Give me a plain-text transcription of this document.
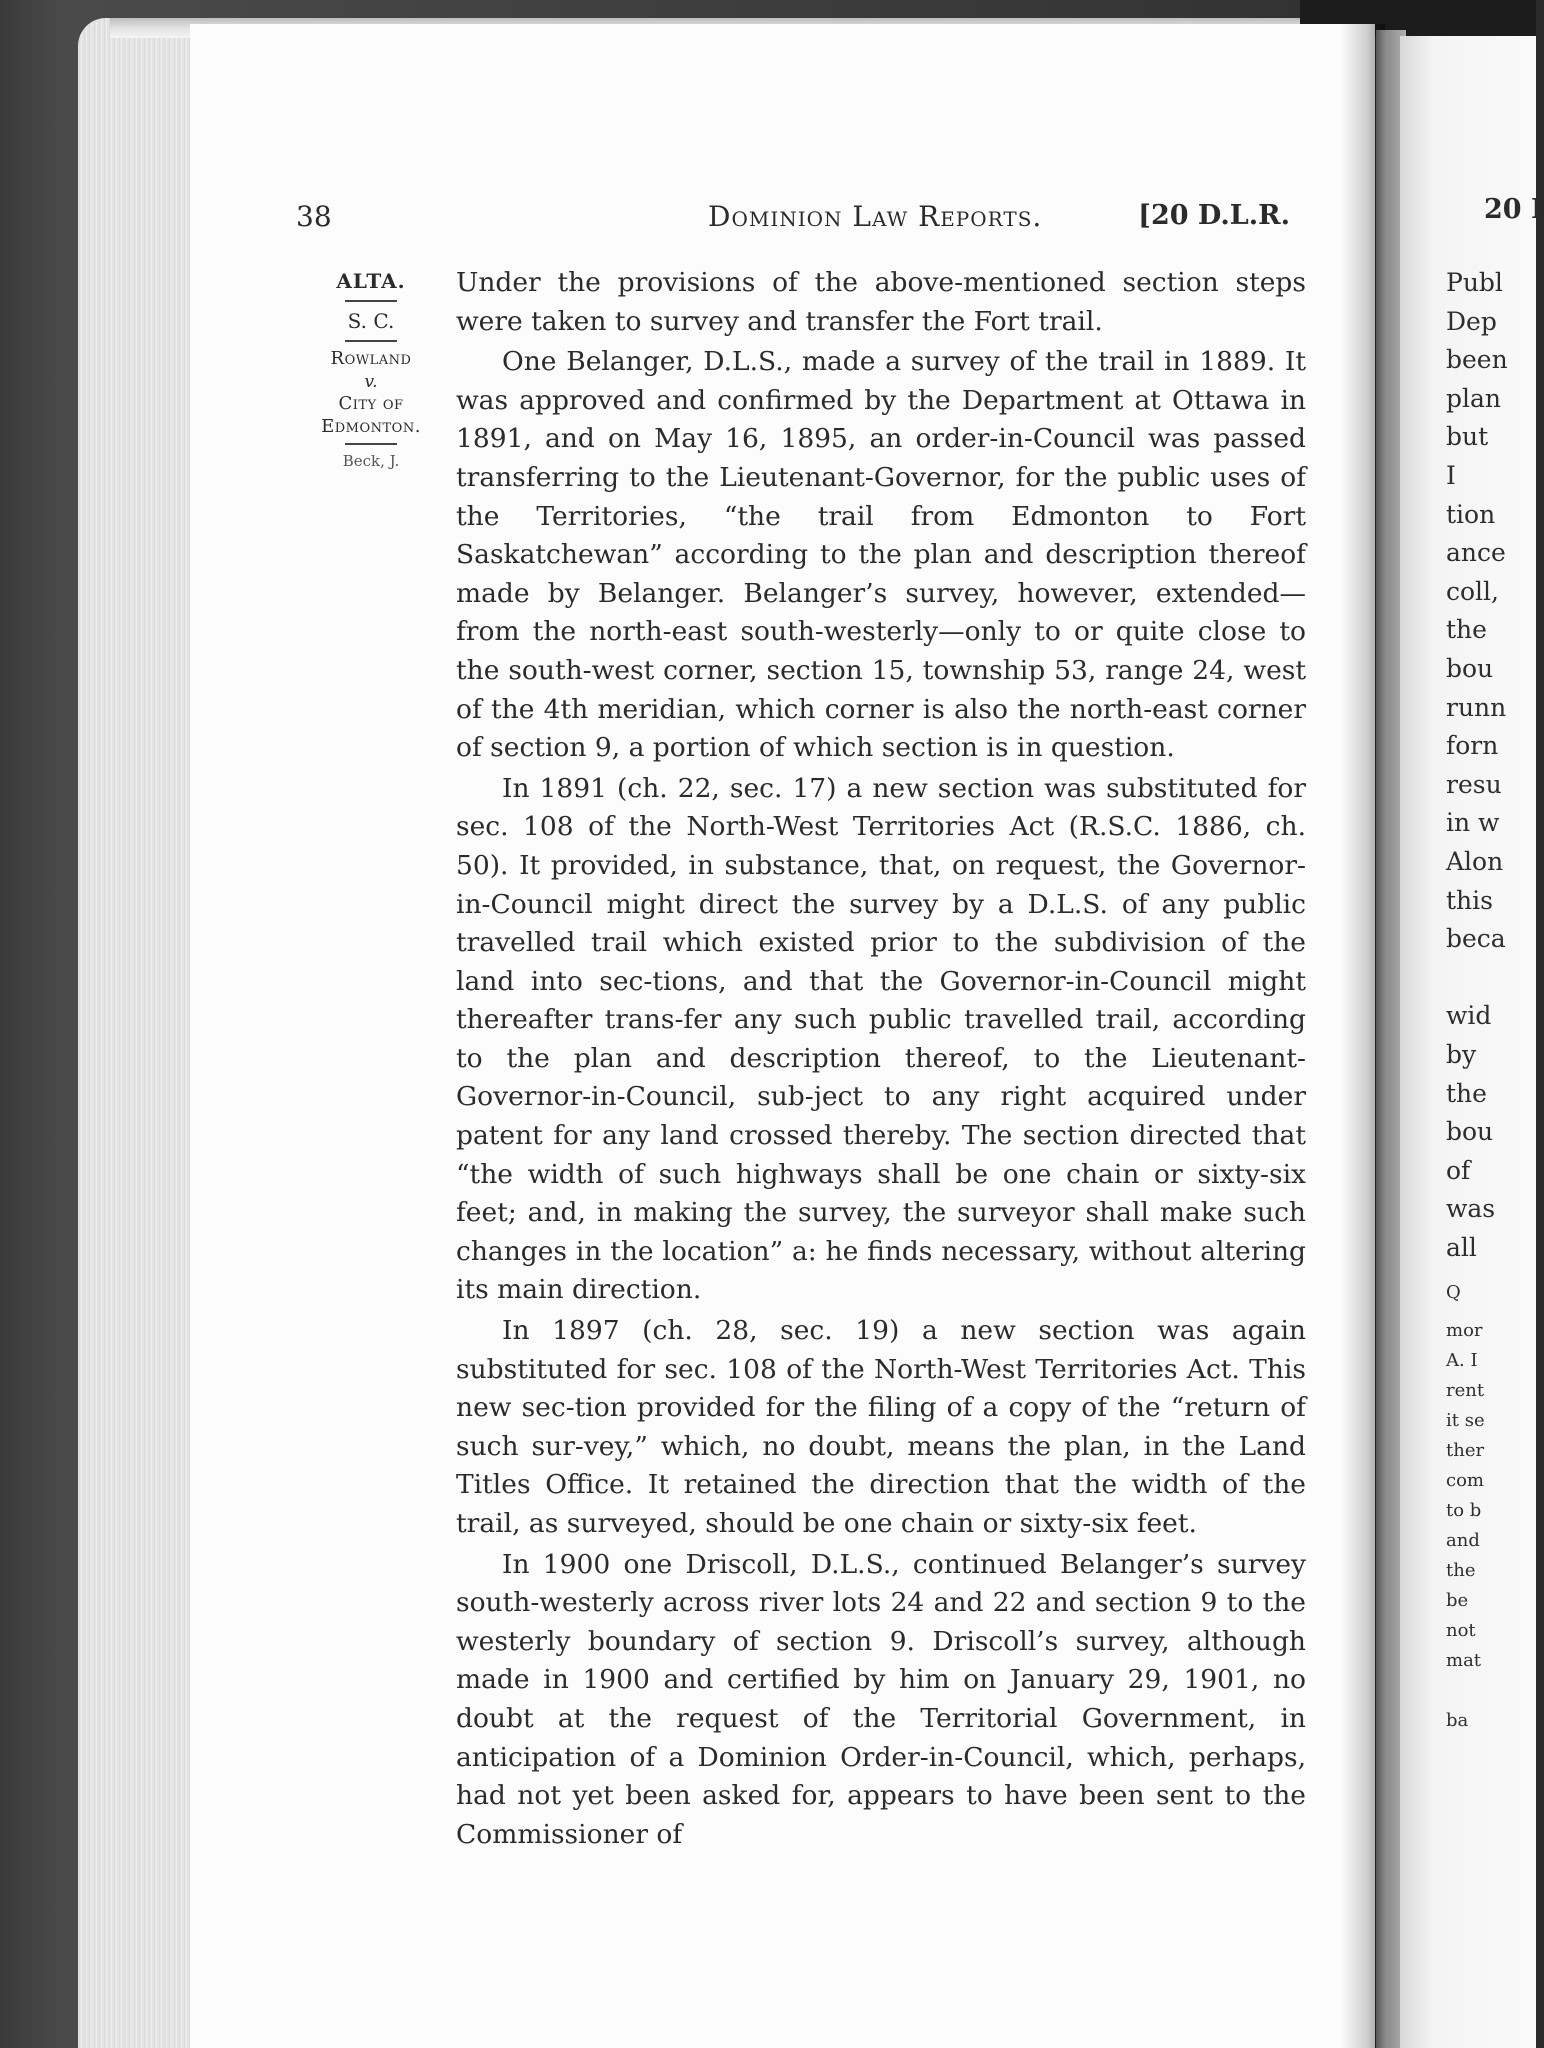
38	Dominion Law Reports.	[20 D.L.R.
ALTA.
S. C.
Rowland
v.
City of
Edmonton.
Beck, J.

Under the provisions of the above-mentioned section steps were taken to survey and transfer the Fort trail.

One Belanger, D.L.S., made a survey of the trail in 1889. It was approved and confirmed by the Department at Ottawa in 1891, and on May 16, 1895, an order-in-Council was passed transferring to the Lieutenant-Governor, for the public uses of the Territories, “the trail from Edmonton to Fort Saskatchewan” according to the plan and description thereof made by Belanger. Belanger’s survey, however, extended—from the north-east south-westerly—only to or quite close to the south-west corner, section 15, township 53, range 24, west of the 4th meridian, which corner is also the north-east corner of section 9, a portion of which section is in question.

In 1891 (ch. 22, sec. 17) a new section was substituted for sec. 108 of the North-West Territories Act (R.S.C. 1886, ch. 50). It provided, in substance, that, on request, the Governor-in-Council might direct the survey by a D.L.S. of any public travelled trail which existed prior to the subdivision of the land into sec-tions, and that the Governor-in-Council might thereafter trans-fer any such public travelled trail, according to the plan and description thereof, to the Lieutenant-Governor-in-Council, sub-ject to any right acquired under patent for any land crossed thereby. The section directed that “the width of such highways shall be one chain or sixty-six feet; and, in making the survey, the surveyor shall make such changes in the location” a: he finds necessary, without altering its main direction.

In 1897 (ch. 28, sec. 19) a new section was again substituted for sec. 108 of the North-West Territories Act. This new sec-tion provided for the filing of a copy of the “return of such sur-vey,” which, no doubt, means the plan, in the Land Titles Office. It retained the direction that the width of the trail, as surveyed, should be one chain or sixty-six feet.

In 1900 one Driscoll, D.L.S., continued Belanger’s survey south-westerly across river lots 24 and 22 and section 9 to the westerly boundary of section 9. Driscoll’s survey, although made in 1900 and certified by him on January 29, 1901, no doubt at the request of the Territorial Government, in anticipation of a Dominion Order-in-Council, which, perhaps, had not yet been asked for, appears to have been sent to the Commissioner of

20 I
Publ
Dep
been
plan
but
I
tion
ance
coll,
the
bou
runn
forn
resu
in w
Alon
this
beca
wid
by
the
bou
of
was
all
Q
mor
A. I
rent
it se
ther
com
to b
and
the
be
not
mat
ba
